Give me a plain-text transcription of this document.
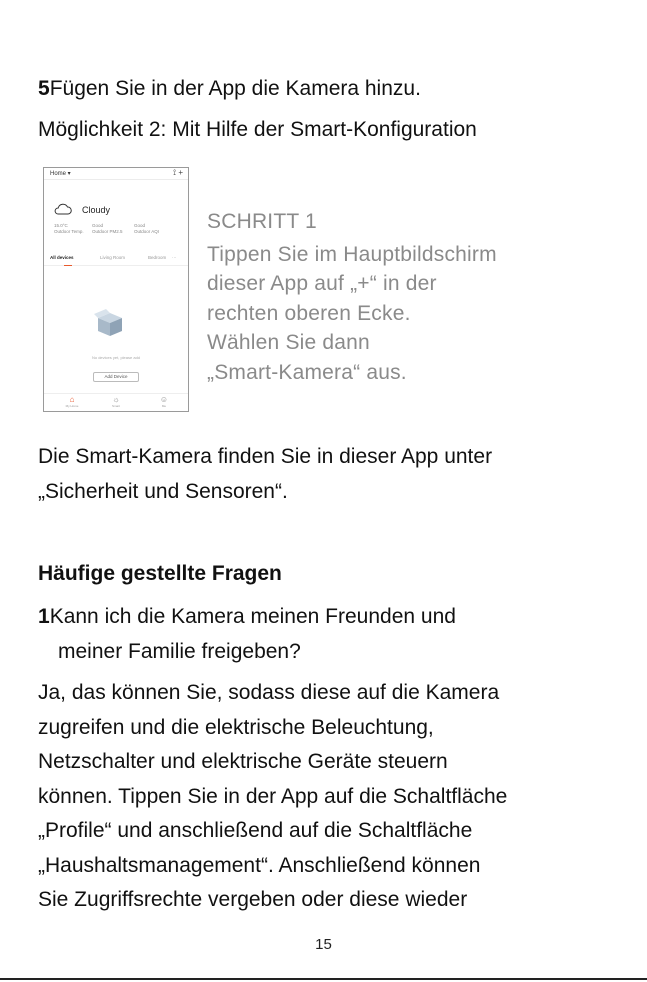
5Fügen Sie in der App die Kamera hinzu.
Möglichkeit 2: Mit Hilfe der Smart-Konfiguration
Home ▾	⟟ +
Cloudy
15.0°C
Outdoor Temp.
Good
Outdoor PM2.5
Good
Outdoor AQI
All devices	Living Room	Bedroom ···
No devices yet, please add
Add Device
⌂
My Home
☼
Smart
☺
Me
SCHRITT 1
Tippen Sie im Hauptbildschirm
dieser App auf „+“ in der
rechten oberen Ecke.
Wählen Sie dann
„Smart-Kamera“ aus.
Die Smart-Kamera finden Sie in dieser App unter
„Sicherheit und Sensoren“.
Häufige gestellte Fragen
1Kann ich die Kamera meinen Freunden und
meiner Familie freigeben?
Ja, das können Sie, sodass diese auf die Kamera
zugreifen und die elektrische Beleuchtung,
Netzschalter und elektrische Geräte steuern
können. Tippen Sie in der App auf die Schaltfläche
„Profile“ und anschließend auf die Schaltfläche
„Haushaltsmanagement“. Anschließend können
Sie Zugriffsrechte vergeben oder diese wieder
15
